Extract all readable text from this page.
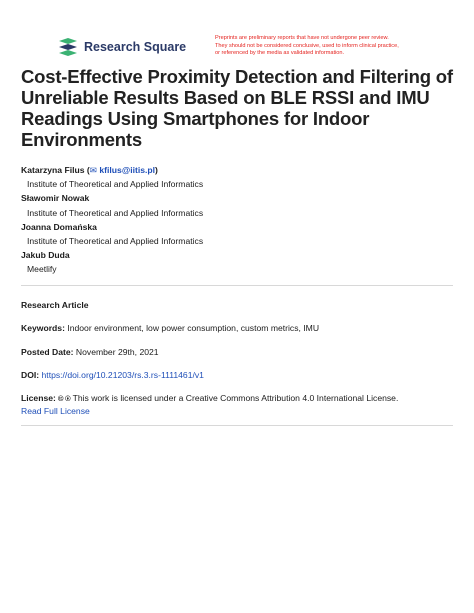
Research Square
Preprints are preliminary reports that have not undergone peer review.
They should not be considered conclusive, used to inform clinical practice,
or referenced by the media as validated information.
Cost-Effective Proximity Detection and Filtering of Unreliable Results Based on BLE RSSI and IMU Readings Using Smartphones for Indoor Environments
Katarzyna Filus (✉ kfilus@iitis.pl)
Institute of Theoretical and Applied Informatics
Sławomir Nowak
Institute of Theoretical and Applied Informatics
Joanna Domańska
Institute of Theoretical and Applied Informatics
Jakub Duda
Meetlify
Research Article
Keywords: Indoor environment, low power consumption, custom metrics, IMU
Posted Date: November 29th, 2021
DOI: https://doi.org/10.21203/rs.3.rs-1111461/v1
License: 🅭 🅯 This work is licensed under a Creative Commons Attribution 4.0 International License.
Read Full License
